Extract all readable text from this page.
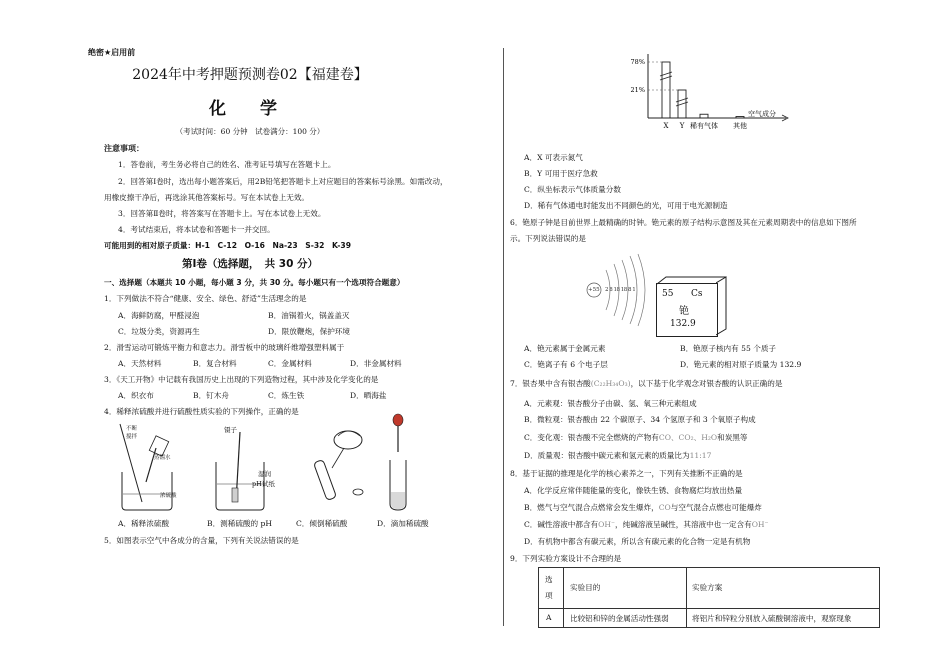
绝密★启用前
2024年中考押题预测卷02【福建卷】
化 学
（考试时间：60 分钟　试卷满分：100 分）
注意事项：
1．答卷前，考生务必将自己的姓名、准考证号填写在答题卡上。
2．回答第Ⅰ卷时，选出每小题答案后，用2B铅笔把答题卡上对应题目的答案标号涂黑。如需改动，
用橡皮擦干净后，再选涂其他答案标号。写在本试卷上无效。
3．回答第Ⅱ卷时，将答案写在答题卡上。写在本试卷上无效。
4．考试结束后，将本试卷和答题卡一并交回。
可能用到的相对原子质量：H-1　C-12　O-16　Na-23　S-32　K-39
第Ⅰ卷（选择题，　共 30 分）
一、选择题（本题共 10 小题，每小题 3 分，共 30 分。每小题只有一个选项符合题意）
1．下列做法不符合“健康、安全、绿色、舒适”生活理念的是
A．海鲜防腐，甲醛浸泡	B．油锅着火，锅盖盖灭
C．垃圾分类，资源再生	D．限放鞭炮，保护环境
2．滑雪运动可锻炼平衡力和意志力。滑雪板中的玻璃纤维增强塑料属于
A．天然材料	B．复合材料	C．金属材料	D．非金属材料
3．《天工开物》中记载有我国历史上出现的下列造物过程，其中涉及化学变化的是
A．织衣布	B．钉木舟	C．炼生铁	D．晒海盐
4．稀释浓硫酸并进行硫酸性质实验的下列操作，正确的是
不断
搅拌
蒸馏水
浓硫酸
镊子
湿润
pH试纸
A．稀释浓硫酸	B．测稀硫酸的 pH	C．倾倒稀硫酸	D．滴加稀硫酸
5．如图表示空气中各成分的含量，下列有关说法错误的是
78%
21%
X Y 稀有气体 其他
空气成分
A．X 可表示氮气
B．Y 可用于医疗急救
C．纵坐标表示气体质量分数
D．稀有气体通电时能发出不同颜色的光，可用于电光源制造
6．铯原子钟是目前世界上最精确的时钟。铯元素的原子结构示意图及其在元素周期表中的信息如下图所
示。下列说法错误的是
+55 2 8 18 18 8 1	55 Cs
铯
132.9
A．铯元素属于金属元素	B．铯原子核内有 55 个质子
C．铯离子有 6 个电子层	D．铯元素的相对原子质量为 132.9
7．银杏果中含有银杏酸(C₂₂H₃₄O₃)，以下基于化学观念对银杏酸的认识正确的是
A．元素观：银杏酸分子由碳、氢、氧三种元素组成
B．微粒观：银杏酸由 22 个碳原子、34 个氢原子和 3 个氧原子构成
C．变化观：银杏酸不完全燃烧的产物有CO、CO₂、H₂O和炭黑等
D．质量观：银杏酸中碳元素和氢元素的质量比为11:17
8．基于证据的推理是化学的核心素养之一，下列有关推断不正确的是
A．化学反应常伴随能量的变化，像铁生锈、食物腐烂均放出热量
B．燃气与空气混合点燃常会发生爆炸，CO与空气混合点燃也可能爆炸
C．碱性溶液中都含有OH⁻，纯碱溶液呈碱性，其溶液中也一定含有OH⁻
D．有机物中都含有碳元素，所以含有碳元素的化合物一定是有机物
9．下列实验方案设计不合理的是
选
项
实验目的	实验方案
A 比较铝和锌的金属活动性强弱	将铝片和锌粒分别放入硫酸铜溶液中，观察现象
